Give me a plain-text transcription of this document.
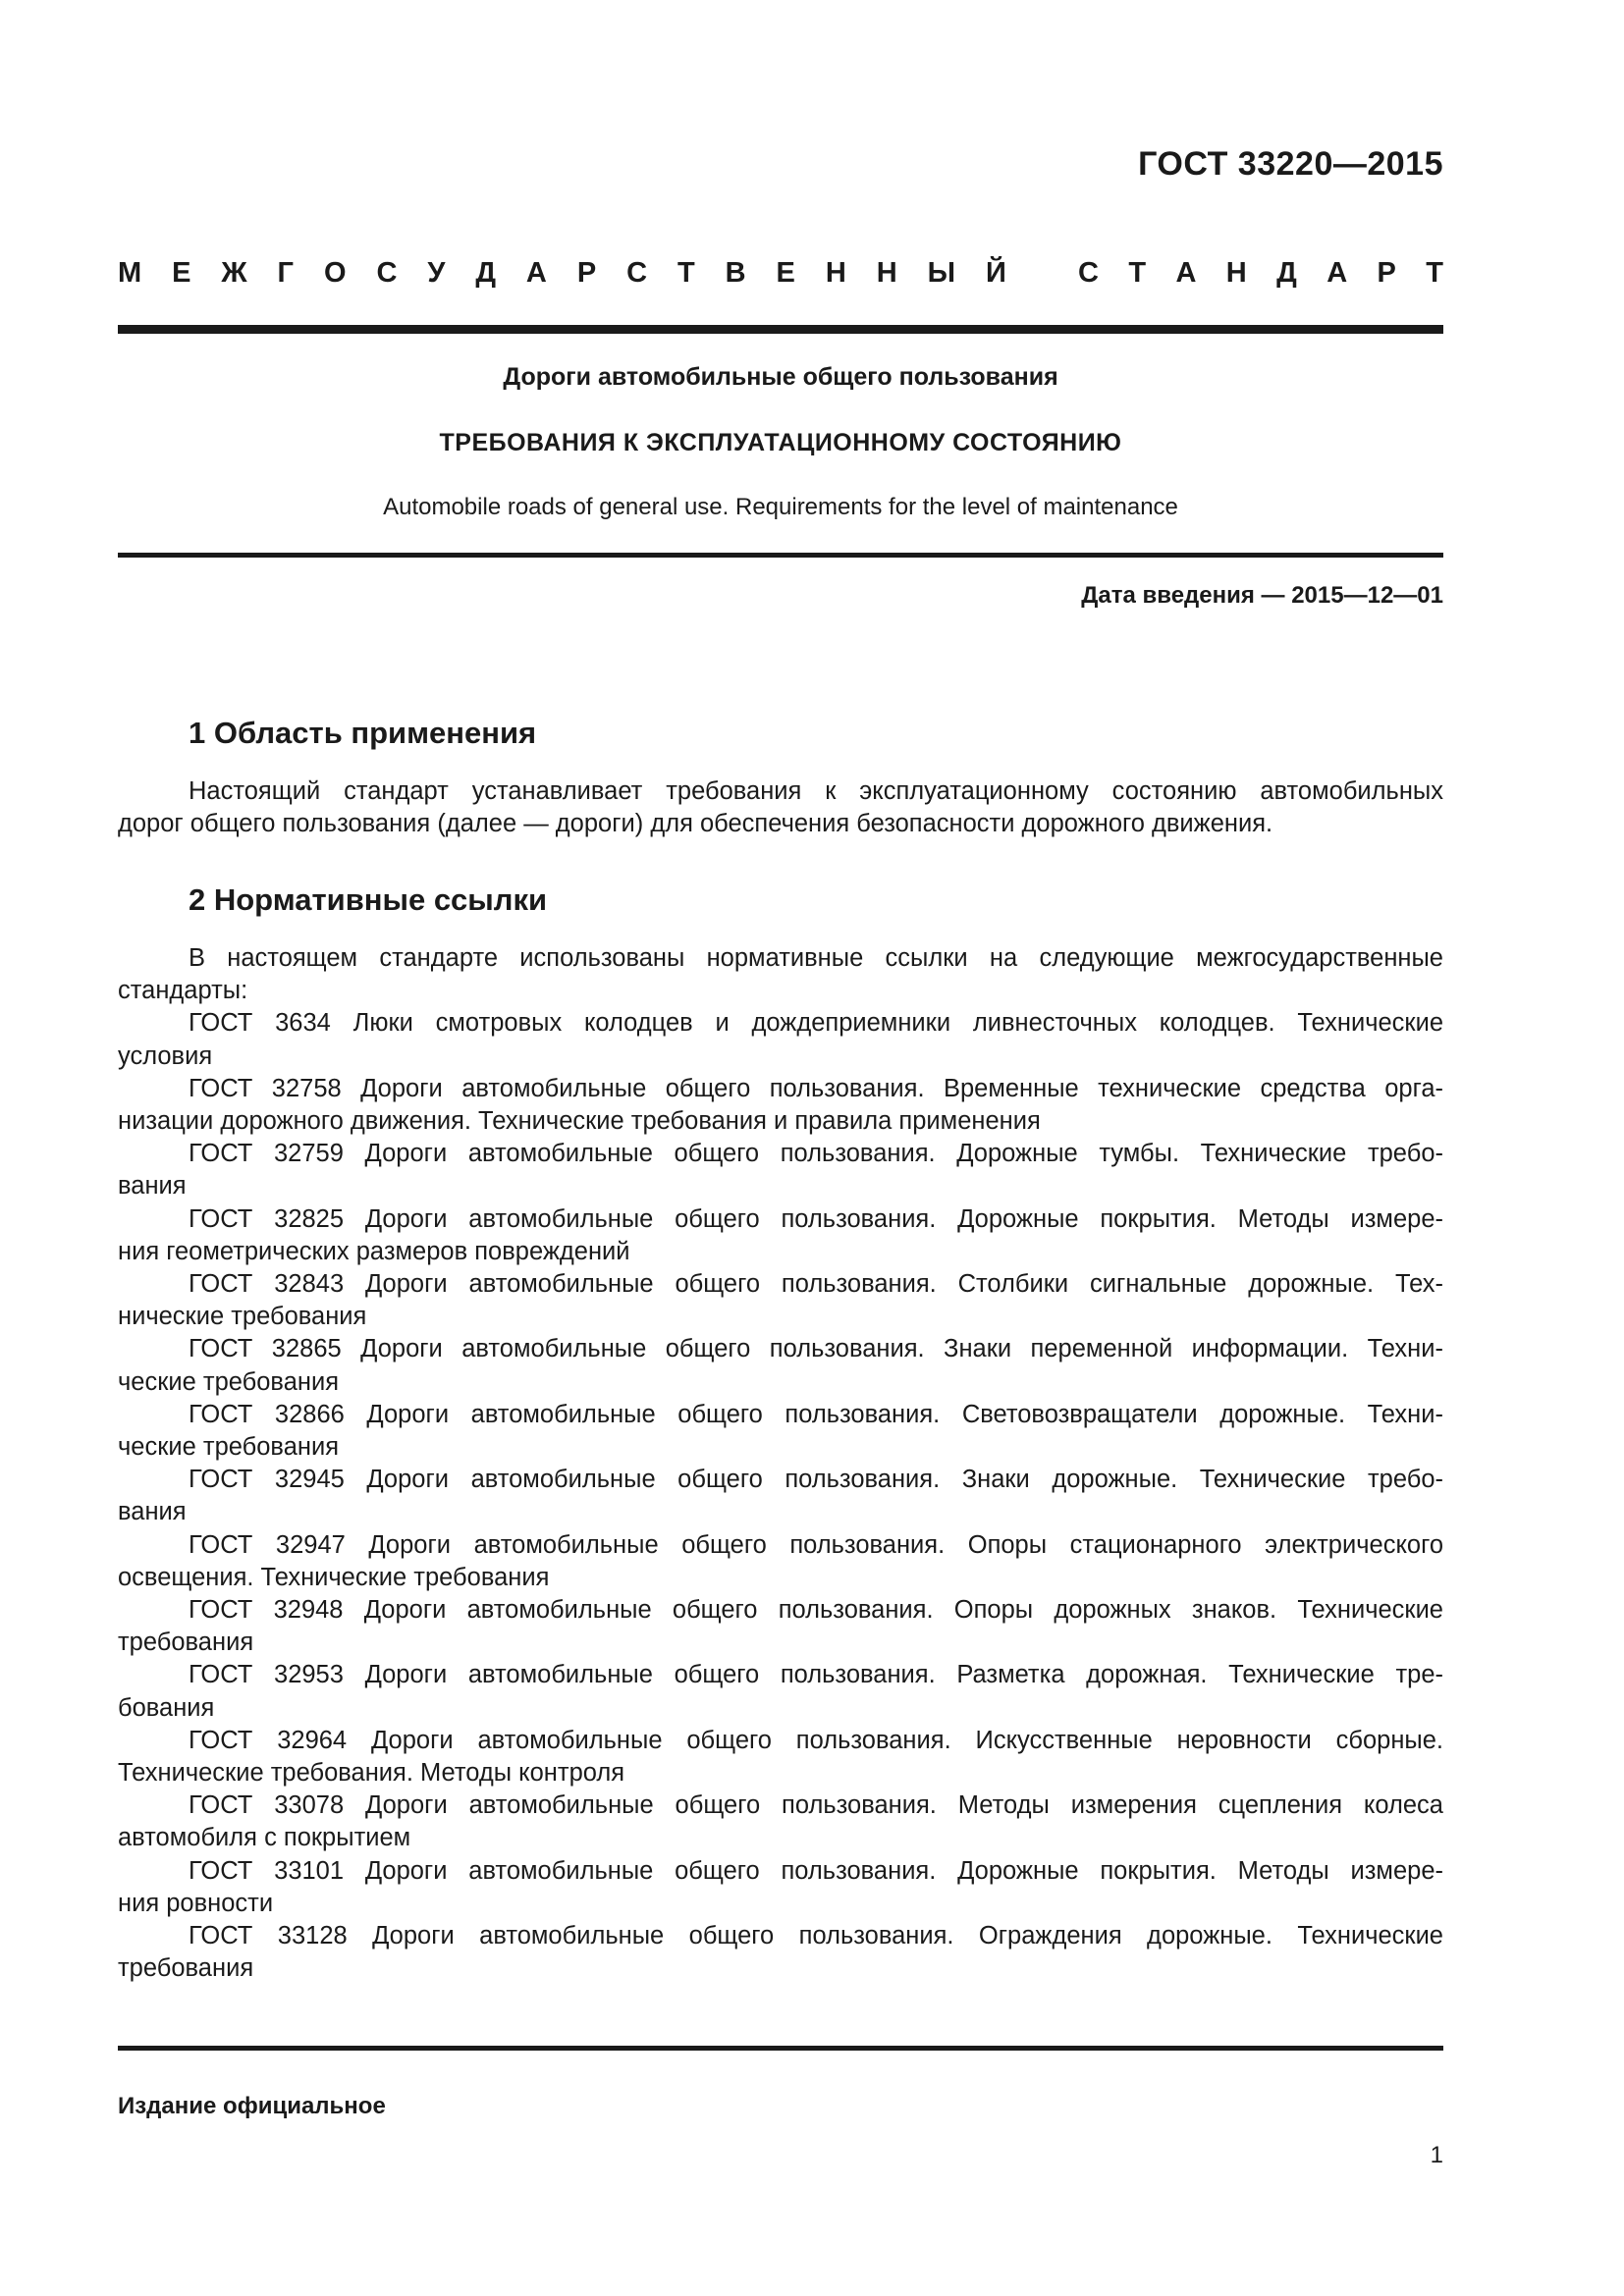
ГОСТ 33220—2015
М Е Ж Г О С У Д А Р С Т В Е Н Н Ы Й	С Т А Н Д А Р Т
Дороги автомобильные общего пользования
ТРЕБОВАНИЯ К ЭКСПЛУАТАЦИОННОМУ СОСТОЯНИЮ
Automobile roads of general use. Requirements for the level of maintenance
Дата введения — 2015—12—01
1 Область применения
Настоящий стандарт устанавливает требования к эксплуатационному состоянию автомобильных
дорог общего пользования (далее — дороги) для обеспечения безопасности дорожного движения.
2 Нормативные ссылки
В настоящем стандарте использованы нормативные ссылки на следующие межгосударственные
стандарты:
ГОСТ 3634 Люки смотровых колодцев и дождеприемники ливнесточных колодцев. Технические
условия
ГОСТ 32758 Дороги автомобильные общего пользования. Временные технические средства орга-
низации дорожного движения. Технические требования и правила применения
ГОСТ 32759 Дороги автомобильные общего пользования. Дорожные тумбы. Технические требо-
вания
ГОСТ 32825 Дороги автомобильные общего пользования. Дорожные покрытия. Методы измере-
ния геометрических размеров повреждений
ГОСТ 32843 Дороги автомобильные общего пользования. Столбики сигнальные дорожные. Тех-
нические требования
ГОСТ 32865 Дороги автомобильные общего пользования. Знаки переменной информации. Техни-
ческие требования
ГОСТ 32866 Дороги автомобильные общего пользования. Световозвращатели дорожные. Техни-
ческие требования
ГОСТ 32945 Дороги автомобильные общего пользования. Знаки дорожные. Технические требо-
вания
ГОСТ 32947 Дороги автомобильные общего пользования. Опоры стационарного электрического
освещения. Технические требования
ГОСТ 32948 Дороги автомобильные общего пользования. Опоры дорожных знаков. Технические
требования
ГОСТ 32953 Дороги автомобильные общего пользования. Разметка дорожная. Технические тре-
бования
ГОСТ 32964 Дороги автомобильные общего пользования. Искусственные неровности сборные.
Технические требования. Методы контроля
ГОСТ 33078 Дороги автомобильные общего пользования. Методы измерения сцепления колеса
автомобиля с покрытием
ГОСТ 33101 Дороги автомобильные общего пользования. Дорожные покрытия. Методы измере-
ния ровности
ГОСТ 33128 Дороги автомобильные общего пользования. Ограждения дорожные. Технические
требования
Издание официальное
1
